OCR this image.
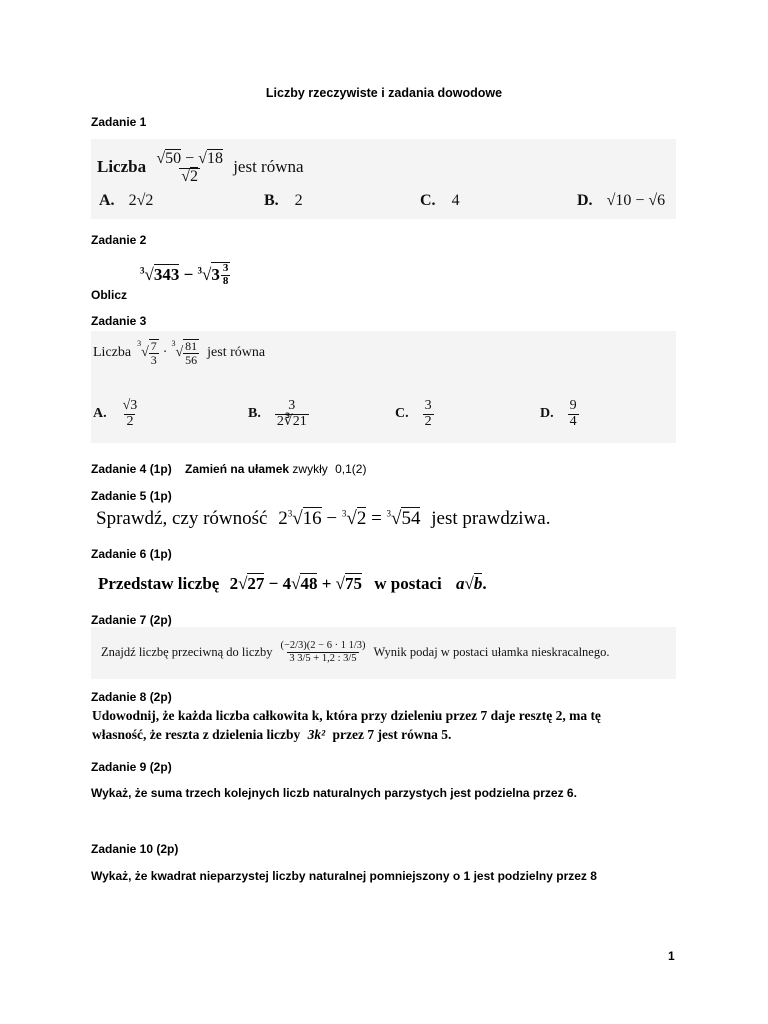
Liczby rzeczywiste i zadania dowodowe
Zadanie 1
Liczba $\frac{√50 - √18}{√2}$ jest równa
A. 2√2	B. 2	C. 4	D. √10 − √6
Zadanie 2
$^3$√343 − $^3$√ $3 \frac{3}{8}$
Oblicz
Zadanie 3
Liczba
3
√ $\frac{7}{3}$ ·
3
√ $\frac{81}{56}$ jest równa
A. $\frac{√3}{2}$	B. $\frac{3}{2∛21}$	C. $\frac{3}{2}$	D. $\frac{9}{4}$
Zadanie 4 (1p) Zamień na ułamek zwykły 0,1(2)
Zadanie 5 (1p)
Sprawdź, czy równość $2^3√16 - ^3√2 = ^3√54$ jest prawdziwa.
Zadanie 6 (1p)
Przedstaw liczbę 2√27 − 4√48 + √75 w postaci a√b.
Zadanie 7 (2p)
Znajdź liczbę przeciwną do liczby $\frac{(-2/3)(2 - 6 \cdot 1 1/3)}{3 3/5 + 1,2 : 3/5}$ Wynik podaj w postaci ułamka nieskracalnego.
Zadanie 8 (2p)
Udowodnij, że każda liczba całkowita k, która przy dzieleniu przez 7 daje resztę 2, ma tę
własność, że reszta z dzielenia liczby 3k² przez 7 jest równa 5.
Zadanie 9 (2p)
Wykaż, że suma trzech kolejnych liczb naturalnych parzystych jest podzielna przez 6.
Zadanie 10 (2p)
Wykaż, że kwadrat nieparzystej liczby naturalnej pomniejszony o 1 jest podzielny przez 8
1
